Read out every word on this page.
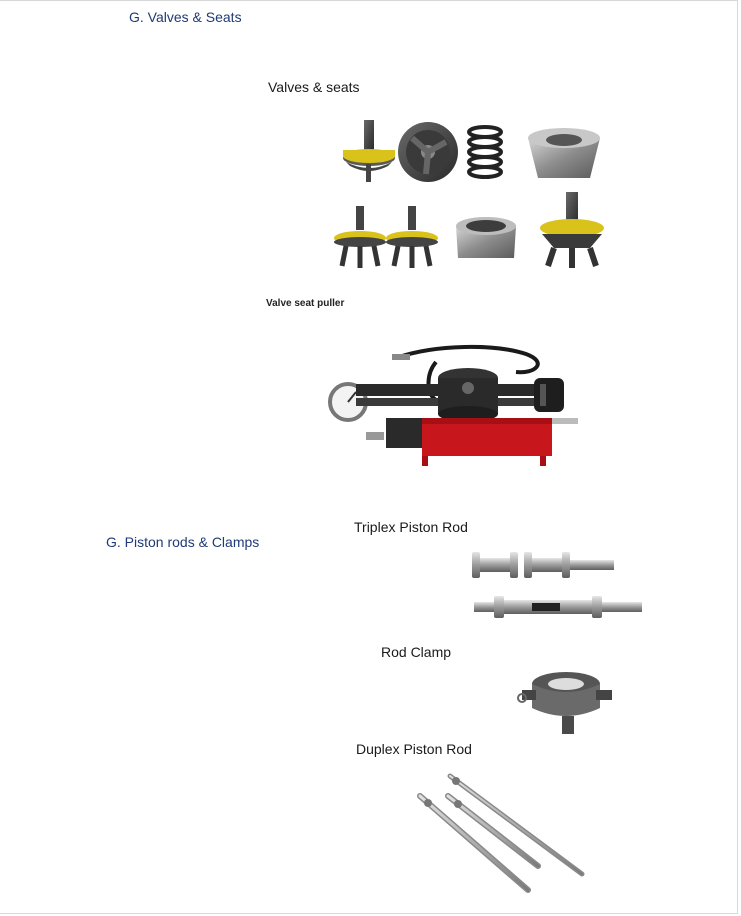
G. Valves & Seats
Valves & seats
Valve seat puller
G. Piston rods & Clamps
Triplex Piston Rod
Rod Clamp
Duplex Piston Rod
